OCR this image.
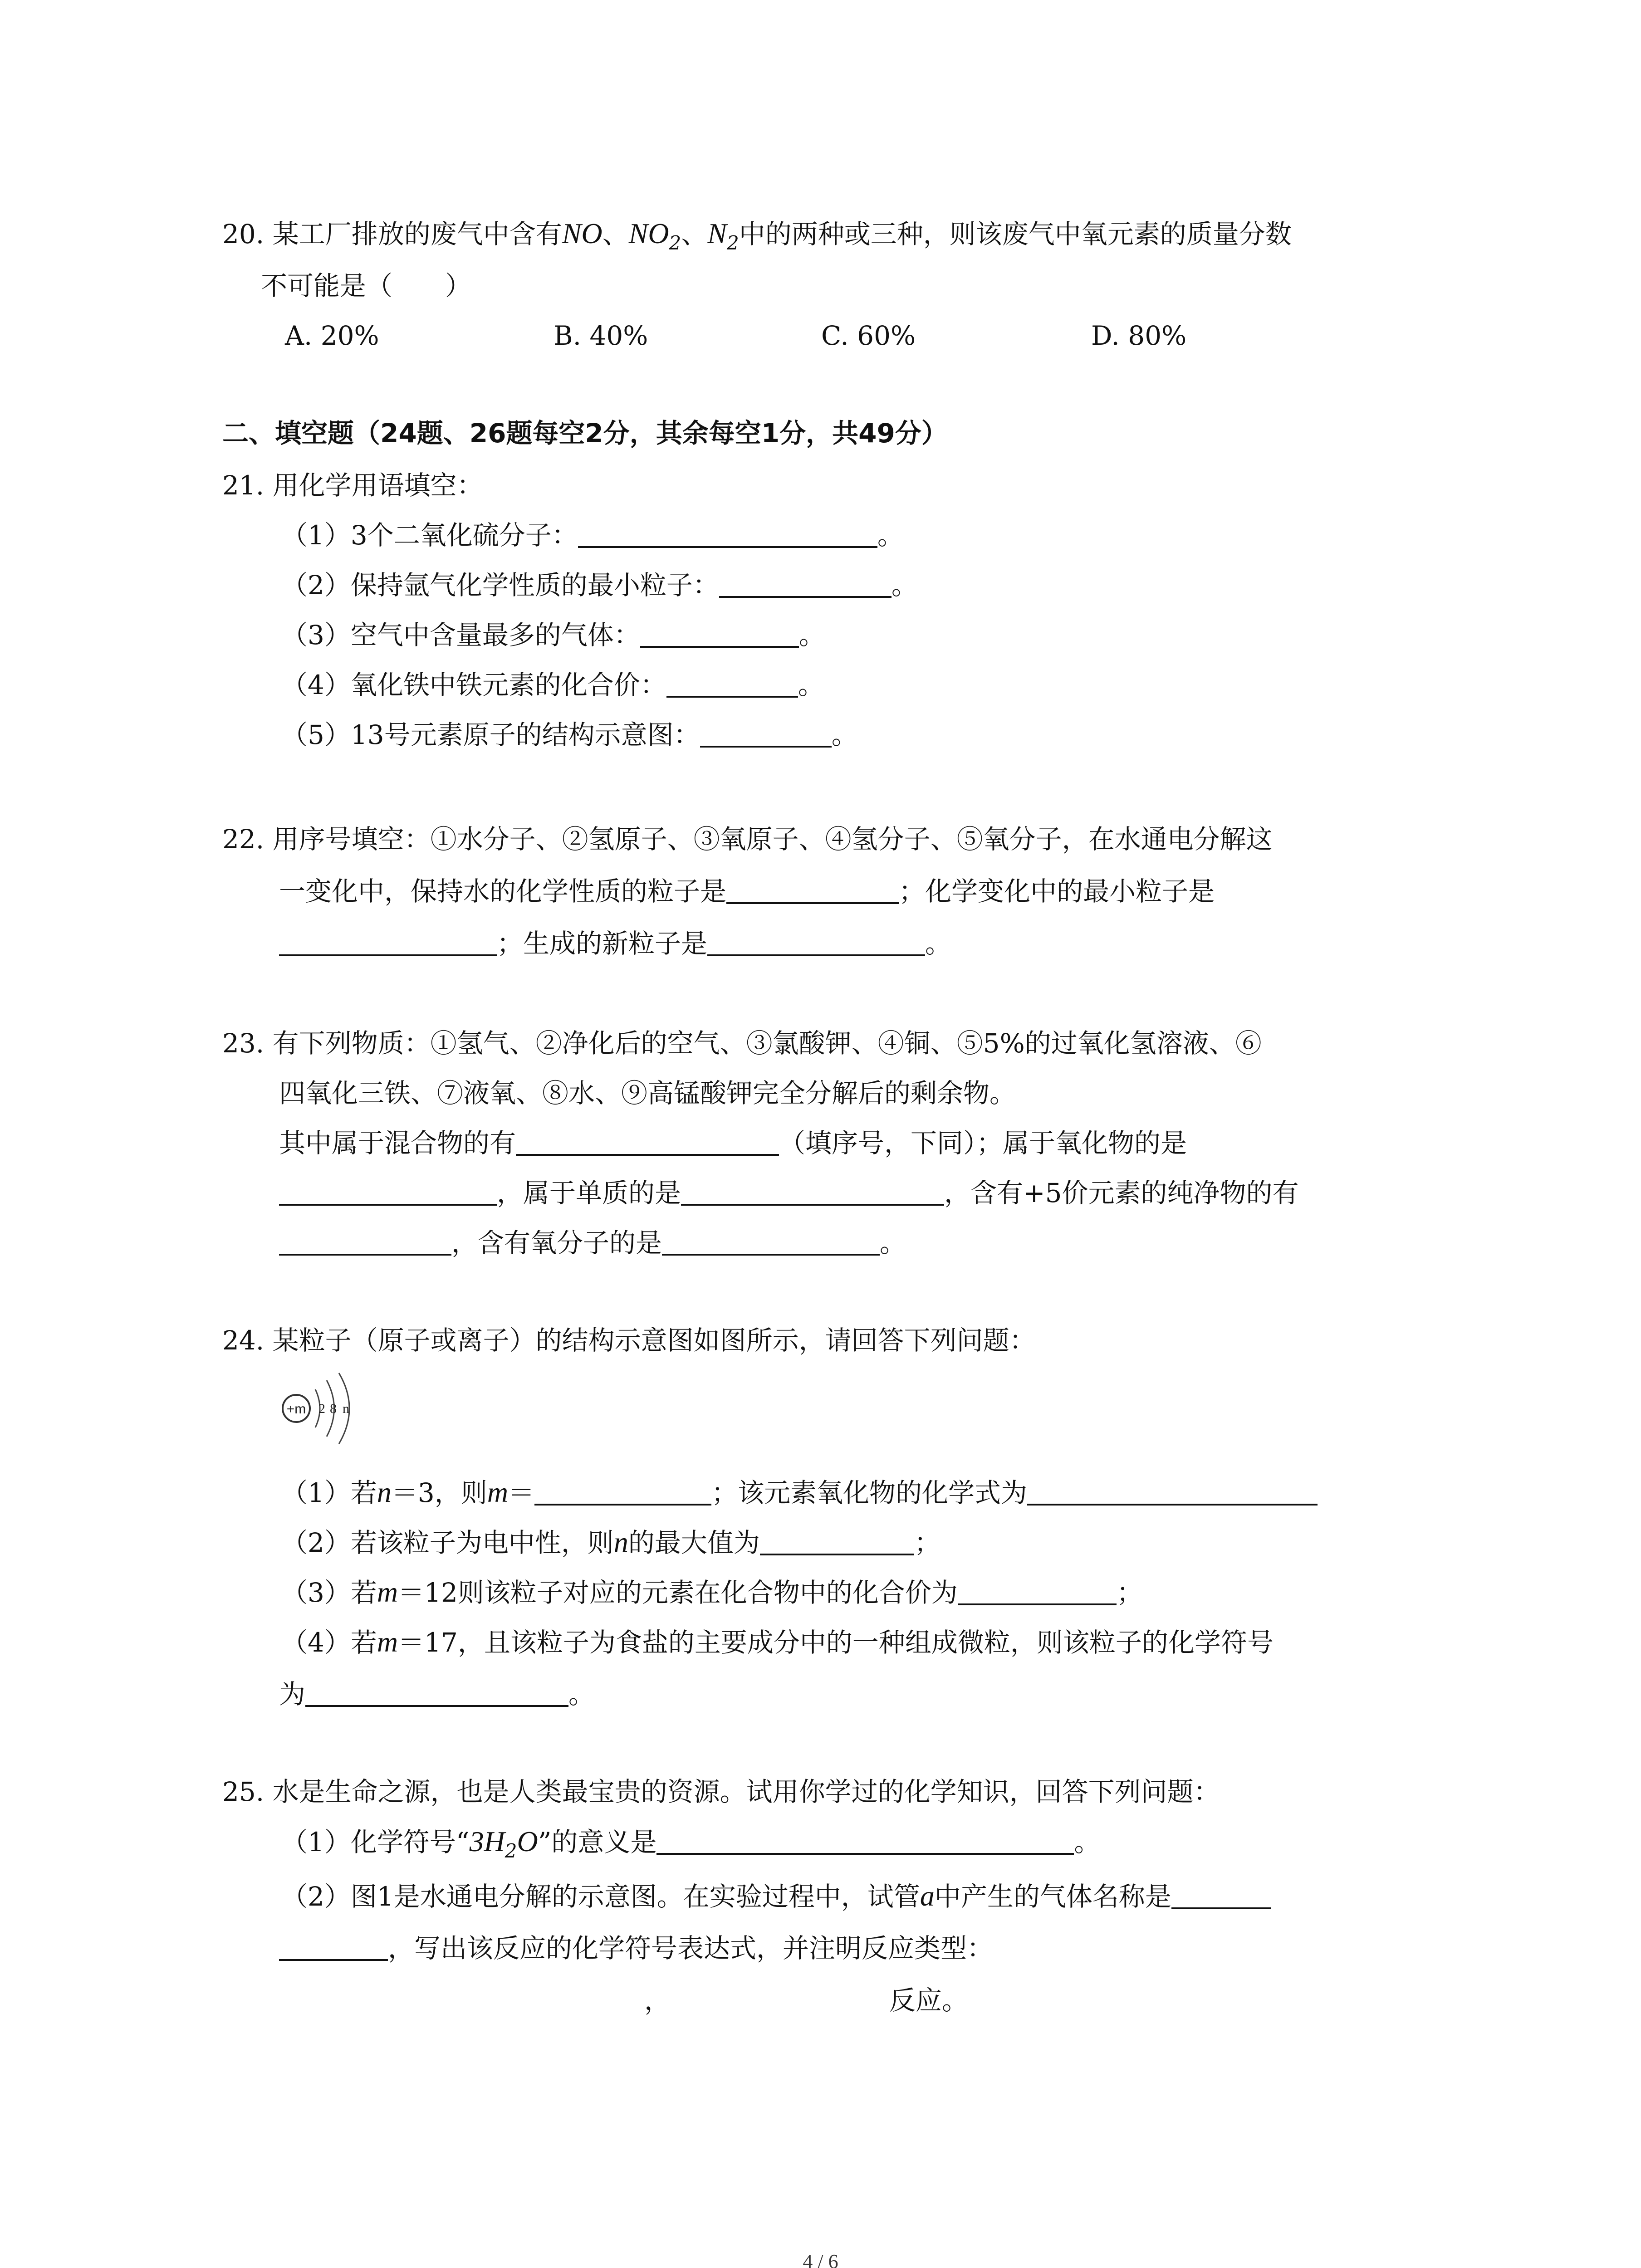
20. 某工厂排放的废气中含有NO、$NO_2$、$N_2$中的两种或三种，则该废气中氧元素的质量分数
不可能是（　　）
A. 20%	B. 40%	C. 60%	D. 80%
二、填空题（24题、26题每空2分，其余每空1分，共49分）
21. 用化学用语填空：
（1）3个二氧化硫分子：	。
（2）保持氩气化学性质的最小粒子：	。
（3）空气中含量最多的气体：	。
（4）氧化铁中铁元素的化合价：	。
（5）13号元素原子的结构示意图：	。
22. 用序号填空：①水分子、②氢原子、③氧原子、④氢分子、⑤氧分子，在水通电分解这
一变化中，保持水的化学性质的粒子是	；化学变化中的最小粒子是
；生成的新粒子是	。
23. 有下列物质：①氢气、②净化后的空气、③氯酸钾、④铜、⑤5%的过氧化氢溶液、⑥
四氧化三铁、⑦液氧、⑧水、⑨高锰酸钾完全分解后的剩余物。
其中属于混合物的有	（填序号，下同）；属于氧化物的是
，属于单质的是	，含有+5价元素的纯净物的有
，含有氧分子的是	。
24. 某粒子（原子或离子）的结构示意图如图所示，请回答下列问题：
+m 2 8 n
（1）若n＝3，则m＝	；该元素氧化物的化学式为
（2）若该粒子为电中性，则n的最大值为	；
（3）若m＝12则该粒子对应的元素在化合物中的化合价为	；
（4）若m＝17，且该粒子为食盐的主要成分中的一种组成微粒，则该粒子的化学符号
为	。
25. 水是生命之源，也是人类最宝贵的资源。试用你学过的化学知识，回答下列问题：
（1）化学符号“$3H_2O$”的意义是	。
（2）图1是水通电分解的示意图。在实验过程中，试管a中产生的气体名称是
，写出该反应的化学符号表达式，并注明反应类型：
，	反应。
4 / 6
